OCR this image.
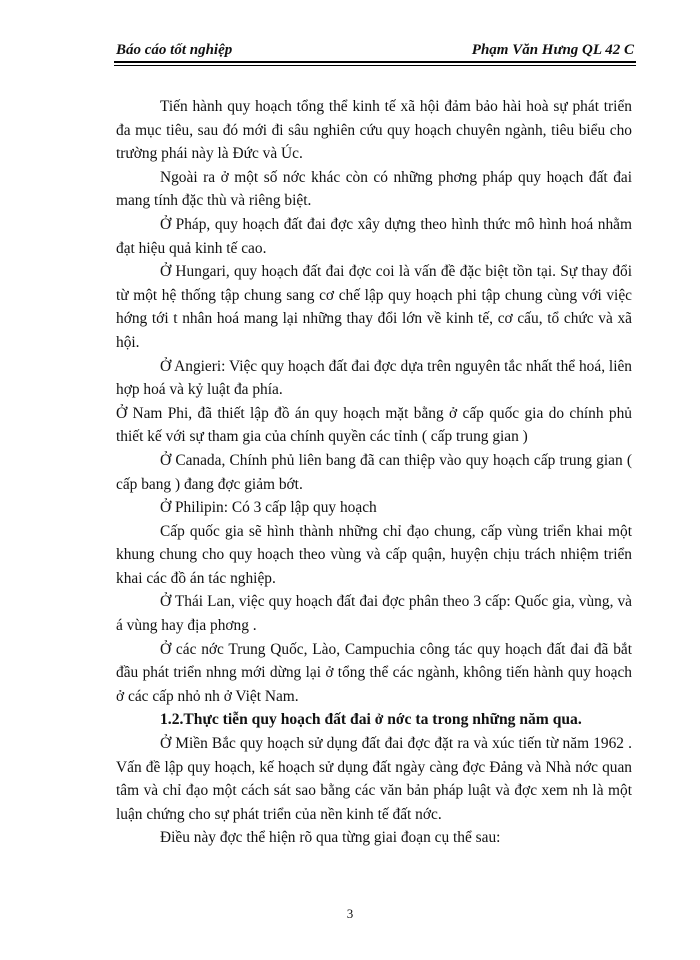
Báo cáo tốt nghiệp	Phạm Văn Hưng QL 42 C

Tiến hành quy hoạch tổng thể kinh tế xã hội đảm bảo hài hoà sự phát triển đa mục tiêu, sau đó mới đi sâu nghiên cứu quy hoạch chuyên ngành, tiêu biểu cho trường phái này là Đức và Úc.

Ngoài ra ở một số nớc khác còn có những phơng pháp quy hoạch đất đai mang tính đặc thù và riêng biệt.

Ở Pháp, quy hoạch đất đai đợc xây dựng theo hình thức mô hình hoá nhằm đạt hiệu quả kinh tế cao.

Ở Hungari, quy hoạch đất đai đợc coi là vấn đề đặc biệt tồn tại. Sự thay đổi từ một hệ thống tập chung sang cơ chế lập quy hoạch phi tập chung cùng với việc hớng tới t nhân hoá mang lại những thay đổi lớn về kinh tế, cơ cấu, tổ chức và xã hội.

Ở Angieri: Việc quy hoạch đất đai đợc dựa trên nguyên tắc nhất thể hoá, liên hợp hoá và kỷ luật đa phía.

Ở Nam Phi, đã thiết lập đồ án quy hoạch mặt bằng ở cấp quốc gia do chính phủ thiết kế với sự tham gia của chính quyền các tỉnh ( cấp trung gian )

Ở Canada, Chính phủ liên bang đã can thiệp vào quy hoạch cấp trung gian ( cấp bang ) đang đợc giảm bớt.

Ở Philipin: Có 3 cấp lập quy hoạch

Cấp quốc gia sẽ hình thành những chỉ đạo chung, cấp vùng triển khai một khung chung cho quy hoạch theo vùng và cấp quận, huyện chịu trách nhiệm triển khai các đồ án tác nghiệp.

Ở Thái Lan, việc quy hoạch đất đai đợc phân theo 3 cấp: Quốc gia, vùng, và á vùng hay địa phơng .

Ở các nớc Trung Quốc, Lào, Campuchia công tác quy hoạch đất đai đã bắt đầu phát triển nhng mới dừng lại ở tổng thể các ngành, không tiến hành quy hoạch ở các cấp nhỏ nh ở Việt Nam.

1.2.Thực tiễn quy hoạch đất đai ở nớc ta trong những năm qua.

Ở Miền Bắc quy hoạch sử dụng đất đai đợc đặt ra và xúc tiến từ năm 1962 . Vấn đề lập quy hoạch, kế hoạch sử dụng đất ngày càng đợc Đảng và Nhà nớc quan tâm và chỉ đạo một cách sát sao bằng các văn bản pháp luật và đợc xem nh là một luận chứng cho sự phát triển của nền kinh tế đất nớc.

Điều này đợc thể hiện rõ qua từng giai đoạn cụ thể sau:

3
